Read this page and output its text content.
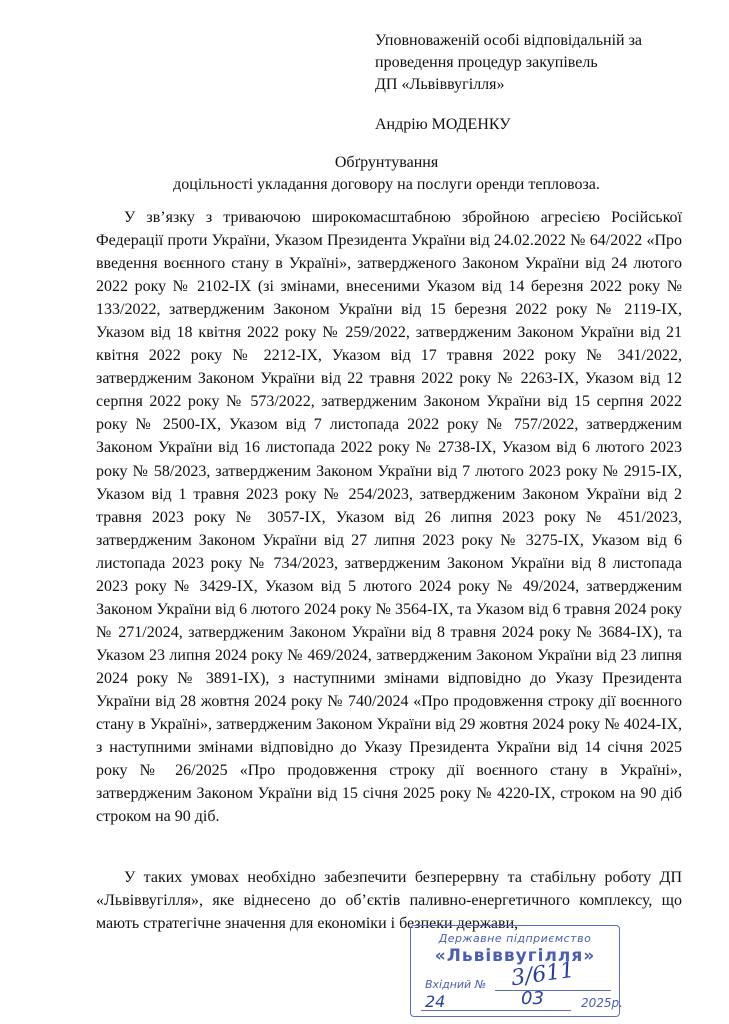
Уповноваженій особі відповідальній за
проведення процедур закупівель
ДП «Львіввугілля»
Андрію МОДЕНКУ
Обґрунтування
доцільності укладання договору на послуги оренди тепловоза.

У зв’язку з триваючою широкомасштабною збройною агресією Російської Федерації проти України, Указом Президента України від 24.02.2022 № 64/2022 «Про введення воєнного стану в Україні», затвердженого Законом України від 24 лютого 2022 року № 2102-IX (зі змінами, внесеними Указом від 14 березня 2022 року № 133/2022, затвердженим Законом України від 15 березня 2022 року № 2119-IX, Указом від 18 квітня 2022 року № 259/2022, затвердженим Законом України від 21 квітня 2022 року № 2212-IX, Указом від 17 травня 2022 року № 341/2022, затвердженим Законом України від 22 травня 2022 року № 2263-IX, Указом від 12 серпня 2022 року № 573/2022, затвердженим Законом України від 15 серпня 2022 року № 2500-IX, Указом від 7 листопада 2022 року № 757/2022, затвердженим Законом України від 16 листопада 2022 року № 2738-IX, Указом від 6 лютого 2023 року № 58/2023, затвердженим Законом України від 7 лютого 2023 року № 2915-IX, Указом від 1 травня 2023 року № 254/2023, затвердженим Законом України від 2 травня 2023 року № 3057-IX, Указом від 26 липня 2023 року № 451/2023, затвердженим Законом України від 27 липня 2023 року № 3275-IX, Указом від 6 листопада 2023 року № 734/2023, затвердженим Законом України від 8 листопада 2023 року № 3429-IX, Указом від 5 лютого 2024 року № 49/2024, затвердженим Законом України від 6 лютого 2024 року № 3564-IX, та Указом від 6 травня 2024 року № 271/2024, затвердженим Законом України від 8 травня 2024 року № 3684-IX), та Указом 23 липня 2024 року № 469/2024, затвердженим Законом України від 23 липня 2024 року № 3891-IX), з наступними змінами відповідно до Указу Президента України від 28 жовтня 2024 року № 740/2024 «Про продовження строку дії воєнного стану в Україні», затвердженим Законом України від 29 жовтня 2024 року № 4024-IX, з наступними змінами відповідно до Указу Президента України від 14 січня 2025 року № 26/2025 «Про продовження строку дії воєнного стану в Україні», затвердженим Законом України від 15 січня 2025 року № 4220-IX, строком на 90 діб строком на 90 діб.

У таких умовах необхідно забезпечити безперервну та стабільну роботу ДП «Львіввугілля», яке віднесено до об’єктів паливно-енергетичного комплексу, що мають стратегічне значення для економіки і безпеки держави,

Державне підприємство
«Львіввугілля»
Вхідний № 3/611
24	03	2025р.
